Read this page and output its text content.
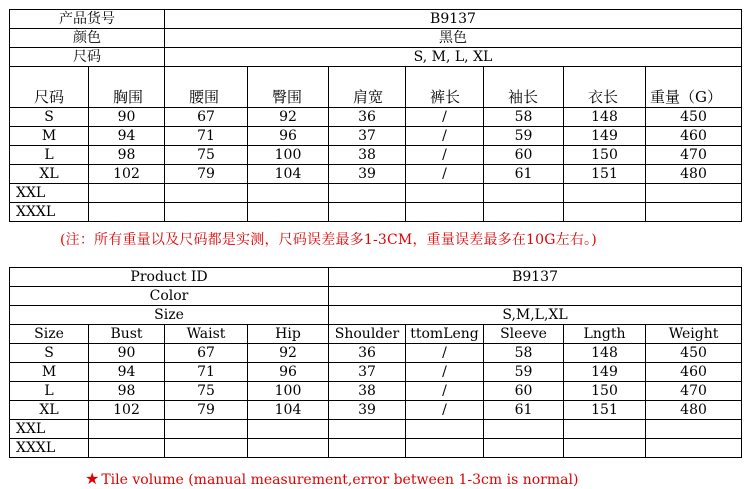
产品货号		B9137						
颜色		黑色						
尺码		S, M, L, XL						
尺码	胸围	腰围	臀围	肩宽	裤长	袖长	衣长	重量（G）
S	90	67	92	36	/	58	148	450
M	94	71	96	37	/	59	149	460
L	98	75	100	38	/	60	150	470
XL	102	79	104	39	/	61	151	480
XXL								
XXXL								
(注：所有重量以及尺码都是实测，尺码误差最多1-3CM，重量误差最多在10G左右。)
Product ID				B9137				
Color								
Size				S,M,L,XL				
Size	Bust	Waist	Hip	Shoulder	ttomLeng	Sleeve	Lngth	Weight
S	90	67	92	36	/	58	148	450
M	94	71	96	37	/	59	149	460
L	98	75	100	38	/	60	150	470
XL	102	79	104	39	/	61	151	480
XXL								
XXXL								
★ Tile volume (manual measurement,error between 1-3cm is normal)
